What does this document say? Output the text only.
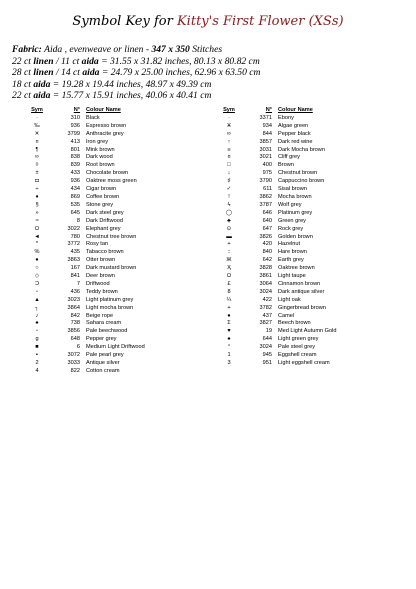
Symbol Key for Kitty's First Flower (XSs)
Fabric: Aida , evenweave or linen - 347 x 350 Stitches
22 ct linen / 11 ct aida = 31.55 x 31.82 inches, 80.13 x 80.82 cm
28 ct linen / 14 ct aida = 24.79 x 25.00 inches, 62.96 x 63.50 cm
18 ct aida = 19.28 x 19.44 inches, 48.97 x 49.39 cm
22 ct aida = 15.77 x 15.91 inches, 40.06 x 40.41 cm
Sym	N°	Colour Name
·	310	Black
‰	936	Espresso brown
✕	3799	Anthracite grey
¤	413	Iron grey
¶	801	Mink brown
∞	838	Dark wood
◊	839	Root brown
±	433	Chocolate brown
◘	936	Oaktree moss green
÷	434	Cigar brown
♦	869	Coffee brown
§	535	Stone grey
»	645	Dark steel grey
≈	8	Dark Driftwood
Ω	3022	Elephant grey
◄	780	Chestnut tree brown
*	3772	Rosy tan
%	435	Tabacco brown
●	3863	Otter brown
○	167	Dark mustard brown
◇	841	Deer brown
Ͻ	7	Driftwood
▫	436	Teddy brown
▲	3023	Light platinum grey
┐	3864	Light mocha brown
♪	842	Beige rope
♠	738	Sahara cream
▫	3856	Pale beechwood
g	648	Pepper grey
■	6	Medium Light Driftwood
▪	3072	Pale pearl grey
2	3033	Antique silver
4	822	Cotton cream
Sym	N°	Colour Name
·	3371	Ebony
Ӿ	934	Algae green
∞	844	Pepper black
↑	3857	Dark red wine
≡	3031	Dark Mocha brown
¤	3021	Cliff grey
□	400	Brown
↓	975	Chestnut brown
♯	3790	Cappuccino brown
✓	611	Sisal brown
!	3862	Mocha brown
ϟ	3787	Wolf grey
◯	646	Platinum grey
♣	640	Green grey
⊙	647	Rock grey
▬	3826	Golden brown
+	420	Hazelnut
::	840	Hare brown
Ж	642	Earth grey
Ҳ	3828	Oaktree brown
Ω	3861	Light taupe
£	3064	Cinnamon brown
8	3024	Dark antique silver
¼	422	Light oak
+	3782	Gingerbread brown
●	437	Camel
Σ	3827	Beech brown
♥	19	Med Light Autumn Gold
♠	644	Light green grey
°	3024	Pale steel grey
1	945	Eggshell cream
3	951	Light eggshell cream
